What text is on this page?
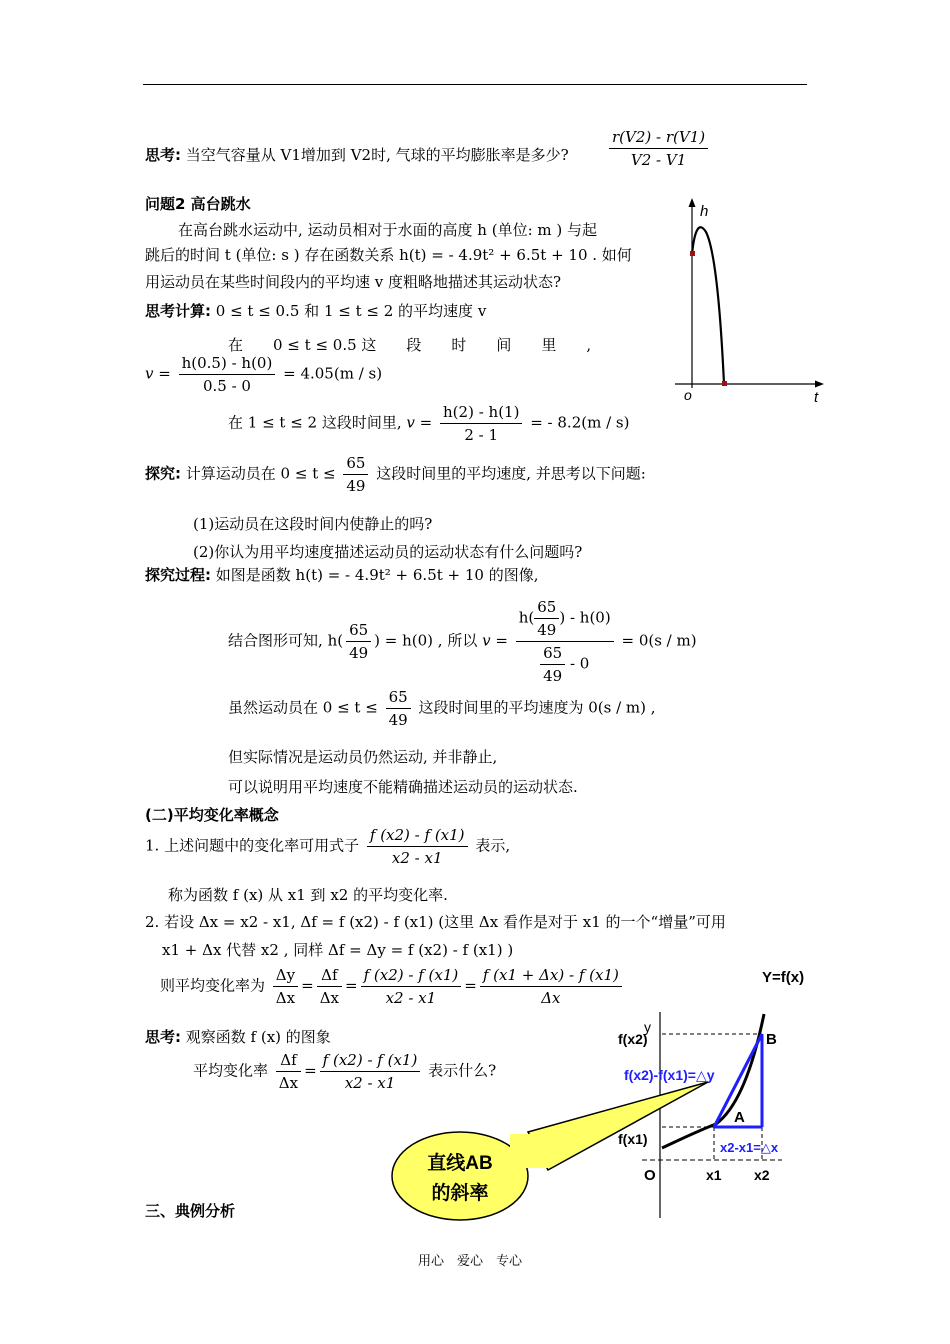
思考: 当空气容量从 V1增加到 V2时, 气球的平均膨胀率是多少?	$\frac{r(V2) - r(V1)}{V2 - V1}$
问题2 高台跳水
在高台跳水运动中, 运动员相对于水面的高度 h (单位: m ) 与起
跳后的时间 t (单位: s ) 存在函数关系 h(t) = - 4.9t² + 6.5t + 10 . 如何
用运动员在某些时间段内的平均速 v 度粗略地描述其运动状态?
思考计算: 0 ≤ t ≤ 0.5 和 1 ≤ t ≤ 2 的平均速度 v
在　　0 ≤ t ≤ 0.5 这　　段　　时　　间　　里　　,
$v = \frac{h(0.5) - h(0)}{0.5 - 0} = 4.05(m / s)$
在 1 ≤ t ≤ 2 这段时间里, $v = \frac{h(2) - h(1)}{2 - 1}$ = - 8.2(m / s)
探究: 计算运动员在 $0 \le t \le \frac{65}{49}$ 这段时间里的平均速度, 并思考以下问题:
(1)运动员在这段时间内使静止的吗?
(2)你认为用平均速度描述运动员的运动状态有什么问题吗?
探究过程: 如图是函数 h(t) = - 4.9t² + 6.5t + 10 的图像,
结合图形可知, $h( \frac{65}{49}$ ) = h(0) , 所以 $v = \frac{h( \frac{65}{49} ) - h(0)}{\frac{65}{49} - 0} = 0(s / m)$
虽然运动员在 $0 \le t \le \frac{65}{49}$ 这段时间里的平均速度为 0(s / m) ,
但实际情况是运动员仍然运动, 并非静止,
可以说明用平均速度不能精确描述运动员的运动状态.
(二)平均变化率概念
1. 上述问题中的变化率可用式子 $\frac{f (x2) - f (x1)}{x2 - x1}$ 表示,
称为函数 f (x) 从 x1 到 x2 的平均变化率.
2. 若设 Δx = x2 - x1, Δf = f (x2) - f (x1) (这里 Δx 看作是对于 x1 的一个“增量”可用
x1 + Δx 代替 x2 , 同样 Δf = Δy = f (x2) - f (x1) )
则平均变化率为 $\frac{\Delta y}{\Delta x} = \frac{\Delta f}{\Delta x} = \frac{f (x2) - f (x1)}{x2 - x1} = \frac{f (x1 + \Delta x) - f (x1)}{\Delta x}$
思考: 观察函数 f (x) 的图象
平均变化率 $\frac{\Delta f}{\Delta x} = \frac{f (x2) - f (x1)}{x2 - x1}$ 表示什么?
三、典例分析
用心　爱心　专心
h
t
o
y
Y=f(x)
f(x2)
f(x1)
B
A
f(x2)-f(x1)=△y
x2-x1=△x
O	x1 x2
直线AB
的斜率
